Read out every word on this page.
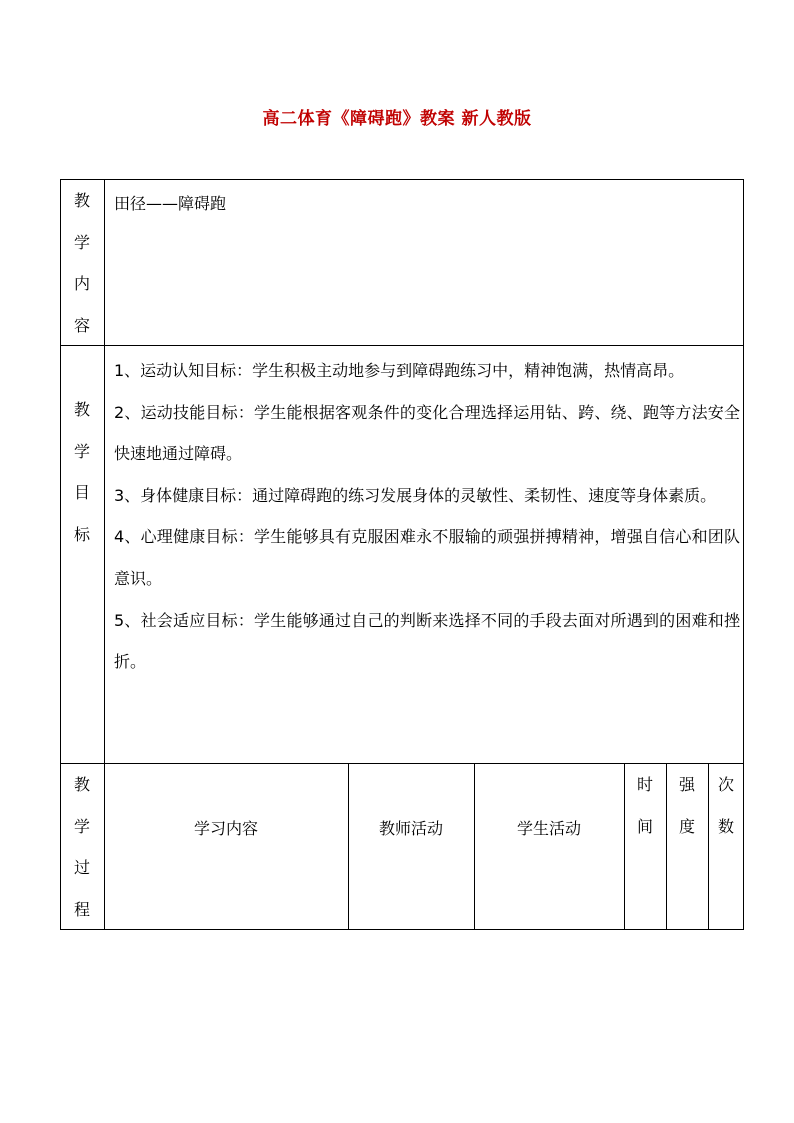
高二体育《障碍跑》教案 新人教版
教
学
内
容
田径——障碍跑
教
学
目
标

1、运动认知目标：学生积极主动地参与到障碍跑练习中，精神饱满，热情高昂。

2、运动技能目标：学生能根据客观条件的变化合理选择运用钻、跨、绕、跑等方法安全快速地通过障碍。

3、身体健康目标：通过障碍跑的练习发展身体的灵敏性、柔韧性、速度等身体素质。

4、心理健康目标：学生能够具有克服困难永不服输的顽强拼搏精神，增强自信心和团队意识。

5、社会适应目标：学生能够通过自己的判断来选择不同的手段去面对所遇到的困难和挫折。

教
学
过
程
学习内容	教师活动	学生活动
时
间
强
度
次
数
